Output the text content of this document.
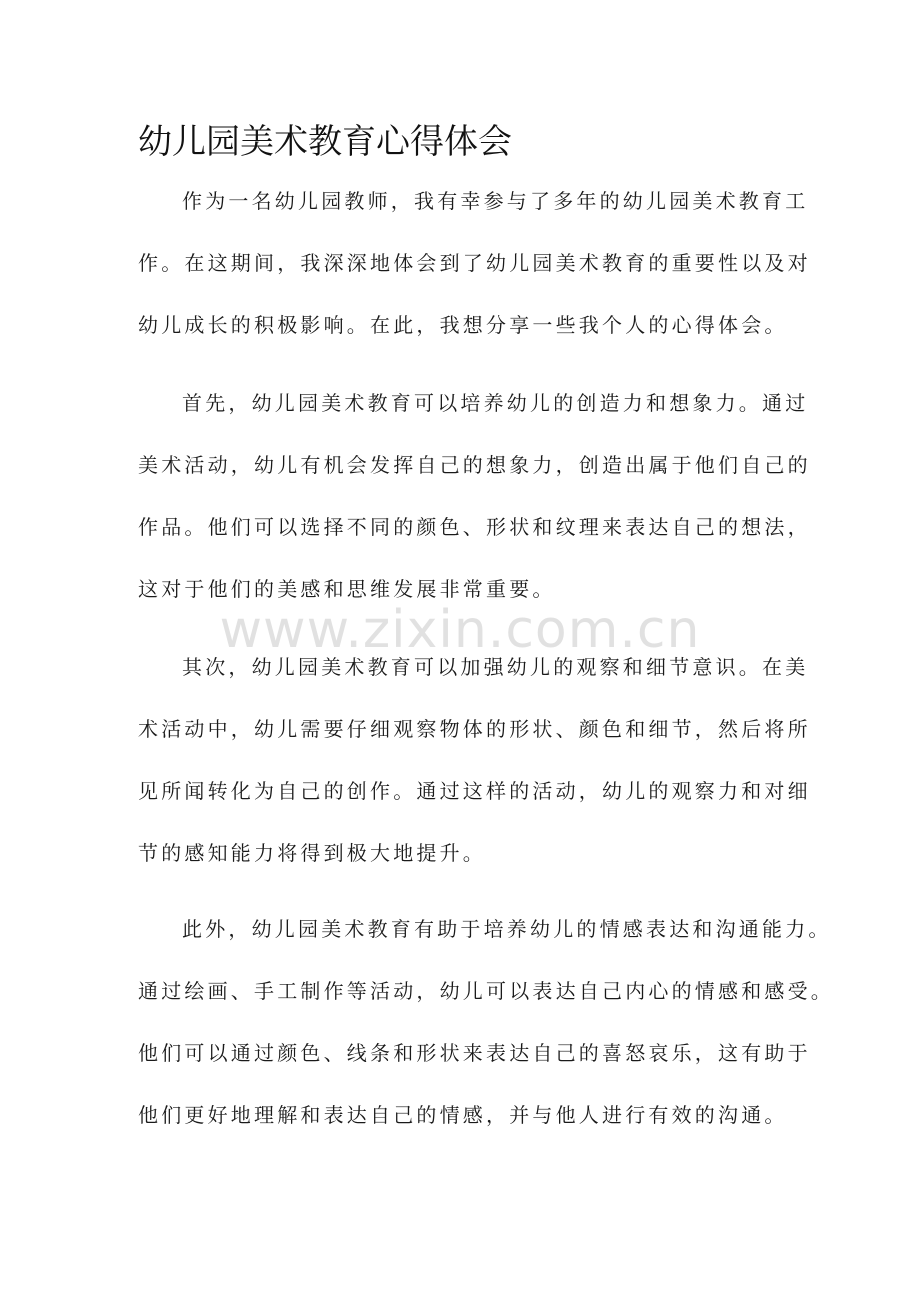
幼儿园美术教育心得体会
作为一名幼儿园教师，我有幸参与了多年的幼儿园美术教育工
作。在这期间，我深深地体会到了幼儿园美术教育的重要性以及对
幼儿成长的积极影响。在此，我想分享一些我个人的心得体会。
首先，幼儿园美术教育可以培养幼儿的创造力和想象力。通过
美术活动，幼儿有机会发挥自己的想象力，创造出属于他们自己的
作品。他们可以选择不同的颜色、形状和纹理来表达自己的想法，
这对于他们的美感和思维发展非常重要。
其次，幼儿园美术教育可以加强幼儿的观察和细节意识。在美
术活动中，幼儿需要仔细观察物体的形状、颜色和细节，然后将所
见所闻转化为自己的创作。通过这样的活动，幼儿的观察力和对细
节的感知能力将得到极大地提升。
此外，幼儿园美术教育有助于培养幼儿的情感表达和沟通能力。
通过绘画、手工制作等活动，幼儿可以表达自己内心的情感和感受。
他们可以通过颜色、线条和形状来表达自己的喜怒哀乐，这有助于
他们更好地理解和表达自己的情感，并与他人进行有效的沟通。
www.zixin.com.cn
